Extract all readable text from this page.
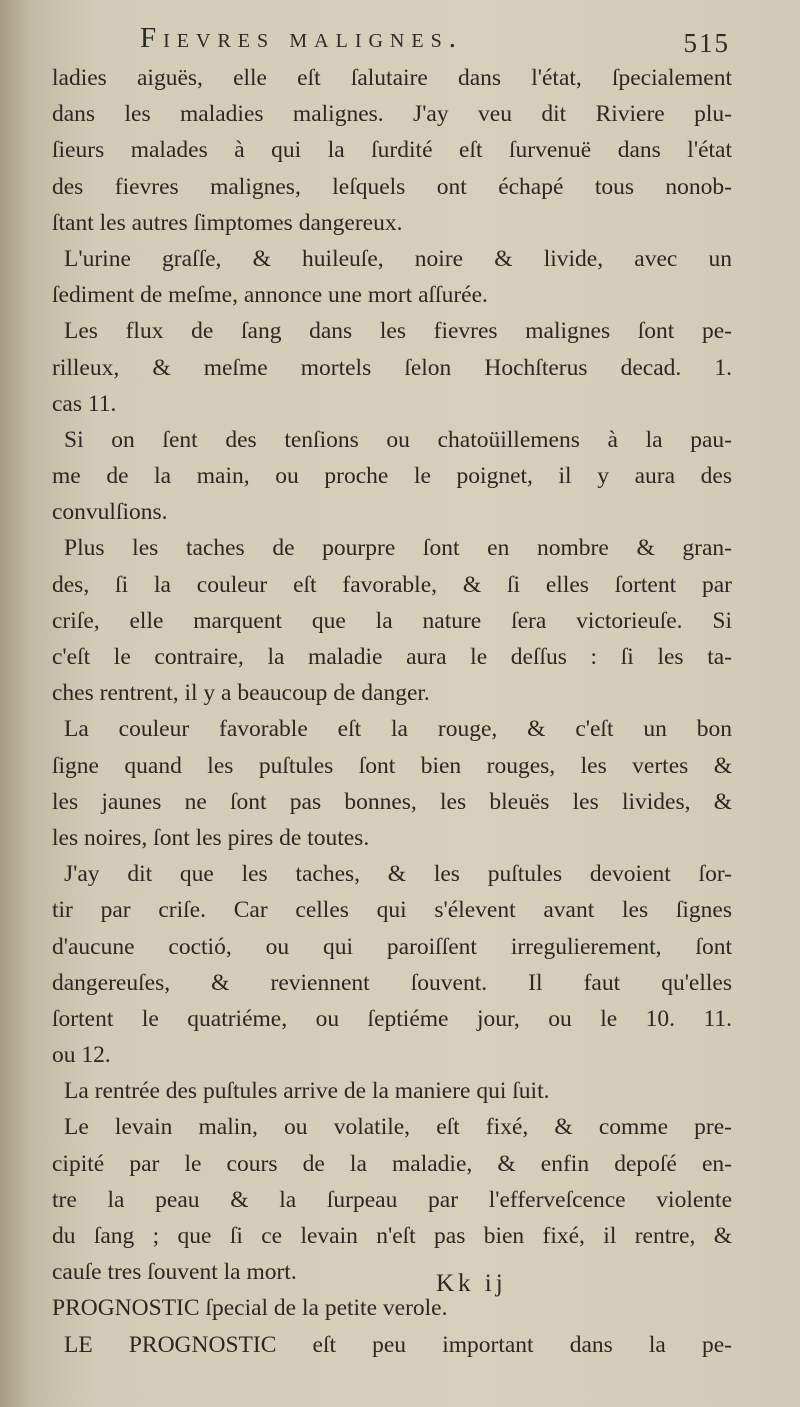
Fievres malignes.	515
ladies aiguës, elle eſt ſalutaire dans l'état, ſpecialement
dans les maladies malignes. J'ay veu dit Riviere plu-
ſieurs malades à qui la ſurdité eſt ſurvenuë dans l'état
des fievres malignes, leſquels ont échapé tous nonob-
ſtant les autres ſimptomes dangereux.
L'urine graſſe, & huileuſe, noire & livide, avec un
ſediment de meſme, annonce une mort aſſurée.
Les flux de ſang dans les fievres malignes ſont pe-
rilleux, & meſme mortels ſelon Hochſterus decad. 1.
cas 11.
Si on ſent des tenſions ou chatoüillemens à la pau-
me de la main, ou proche le poignet, il y aura des
convulſions.
Plus les taches de pourpre ſont en nombre & gran-
des, ſi la couleur eſt favorable, & ſi elles ſortent par
criſe, elle marquent que la nature ſera victorieuſe. Si
c'eſt le contraire, la maladie aura le deſſus : ſi les ta-
ches rentrent, il y a beaucoup de danger.
La couleur favorable eſt la rouge, & c'eſt un bon
ſigne quand les puſtules ſont bien rouges, les vertes &
les jaunes ne ſont pas bonnes, les bleuës les livides, &
les noires, ſont les pires de toutes.
J'ay dit que les taches, & les puſtules devoient ſor-
tir par criſe. Car celles qui s'élevent avant les ſignes
d'aucune coctió, ou qui paroiſſent irregulierement, ſont
dangereuſes, & reviennent ſouvent. Il faut qu'elles
ſortent le quatriéme, ou ſeptiéme jour, ou le 10. 11.
ou 12.
La rentrée des puſtules arrive de la maniere qui ſuit.
Le levain malin, ou volatile, eſt fixé, & comme pre-
cipité par le cours de la maladie, & enfin depoſé en-
tre la peau & la ſurpeau par l'efferveſcence violente
du ſang ; que ſi ce levain n'eſt pas bien fixé, il rentre, &
cauſe tres ſouvent la mort.
PROGNOSTIC ſpecial de la petite verole.
LE PROGNOSTIC eſt peu important dans la pe-
Kk ij
